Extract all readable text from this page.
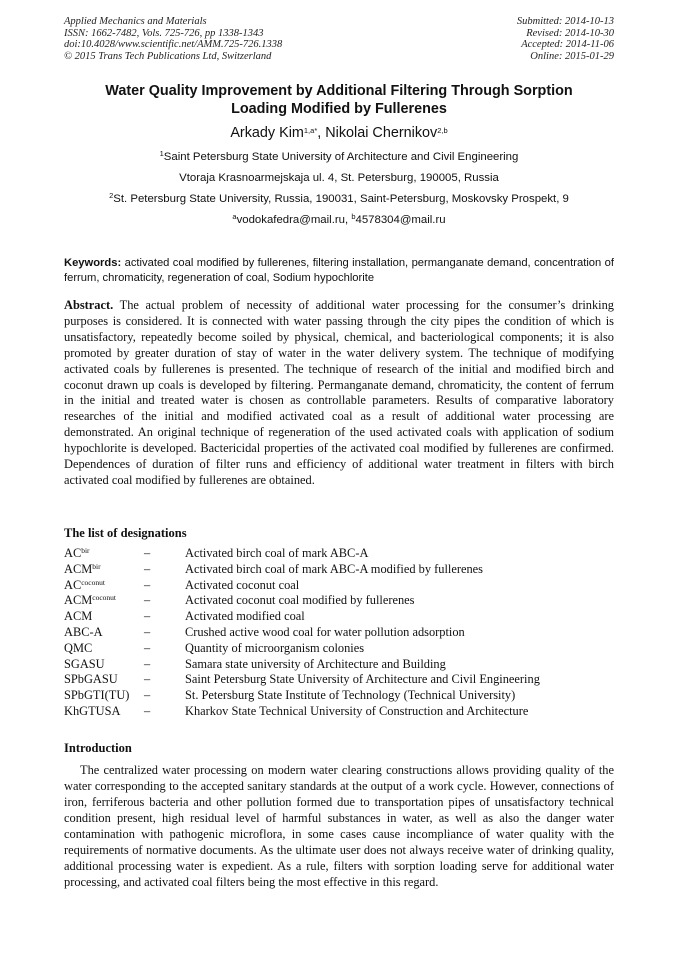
Applied Mechanics and Materials
ISSN: 1662-7482, Vols. 725-726, pp 1338-1343
doi:10.4028/www.scientific.net/AMM.725-726.1338
© 2015 Trans Tech Publications Ltd, Switzerland
Submitted: 2014-10-13
Revised: 2014-10-30
Accepted: 2014-11-06
Online: 2015-01-29
Water Quality Improvement by Additional Filtering Through Sorption
Loading Modified by Fullerenes
Arkady Kim$^{1,a*}$, Nikolai Chernikov$^{2,b}$
$^1$Saint Petersburg State University of Architecture and Civil Engineering
Vtoraja Krasnoarmejskaja ul. 4, St. Petersburg, 190005, Russia
$^2$St. Petersburg State University, Russia, 190031, Saint-Petersburg, Moskovsky Prospekt, 9
$^a$vodokafedra@mail.ru, $^b$4578304@mail.ru
Keywords: activated coal modified by fullerenes, filtering installation, permanganate demand, concentration of ferrum, chromaticity, regeneration of coal, Sodium hypochlorite
Abstract. The actual problem of necessity of additional water processing for the consumer’s drinking purposes is considered. It is connected with water passing through the city pipes the condition of which is unsatisfactory, repeatedly become soiled by physical, chemical, and bacteriological components; it is also promoted by greater duration of stay of water in the water delivery system. The technique of modifying activated coals by fullerenes is presented. The technique of research of the initial and modified birch and coconut drawn up coals is developed by filtering. Permanganate demand, chromaticity, the content of ferrum in the initial and treated water is chosen as controllable parameters. Results of comparative laboratory researches of the initial and modified activated coal as a result of additional water processing are demonstrated. An original technique of regeneration of the used activated coals with application of sodium hypochlorite is developed. Bactericidal properties of the activated coal modified by fullerenes are confirmed. Dependences of duration of filter runs and efficiency of additional water treatment in filters with birch activated coal modified by fullerenes are obtained.
The list of designations
$AC^{bir}$	–	Activated birch coal of mark ABC-A
$ACM^{bir}$	–	Activated birch coal of mark ABC-A modified by fullerenes
$AC^{coconut}$	–	Activated coconut coal
$ACM^{coconut}$ –	Activated coconut coal modified by fullerenes
ACM	–	Activated modified coal
ABC-A	–	Crushed active wood coal for water pollution adsorption
QMC	–	Quantity of microorganism colonies
SGASU	–	Samara state university of Architecture and Building
SPbGASU –	Saint Petersburg State University of Architecture and Civil Engineering
SPbGTI(TU) –	St. Petersburg State Institute of Technology (Technical University)
KhGTUSA –	Kharkov State Technical University of Construction and Architecture
Introduction
The centralized water processing on modern water clearing constructions allows providing quality of the water corresponding to the accepted sanitary standards at the output of a work cycle. However, connections of iron, ferriferous bacteria and other pollution formed due to transportation pipes of unsatisfactory technical condition present, high residual level of harmful substances in water, as well as also the danger water contamination with pathogenic microflora, in some cases cause incompliance of water quality with the requirements of normative documents. As the ultimate user does not always receive water of drinking quality, additional processing water is expedient. As a rule, filters with sorption loading serve for additional water processing, and activated coal filters being the most effective in this regard.
